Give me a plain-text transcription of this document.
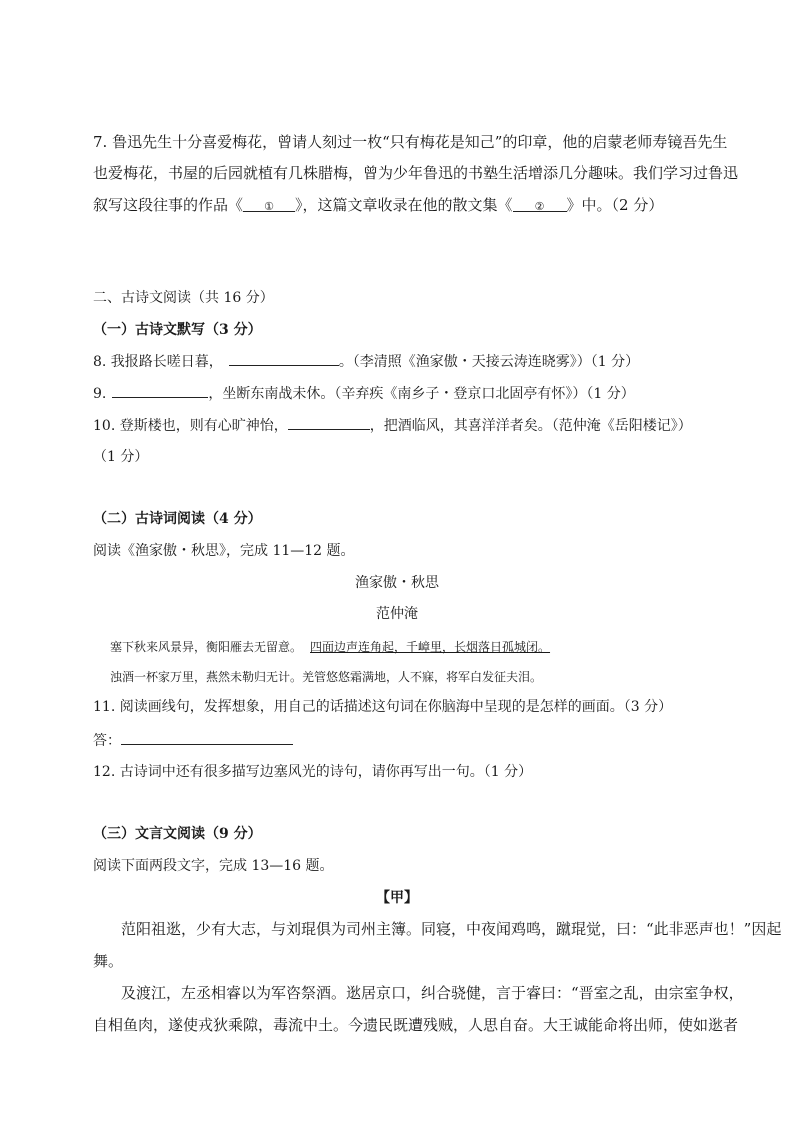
7. 鲁迅先生十分喜爱梅花，曾请人刻过一枚“只有梅花是知己”的印章，他的启蒙老师寿镜吾先生
也爱梅花，书屋的后园就植有几株腊梅，曾为少年鲁迅的书塾生活增添几分趣味。我们学习过鲁迅
叙写这段往事的作品《 ① 》，这篇文章收录在他的散文集《 ② 》中。（2 分）
二、古诗文阅读（共 16 分）
（一）古诗文默写（3 分）
8. 我报路长嗟日暮，	。（李清照《渔家傲・天接云涛连晓雾》）（1 分）
9.	，坐断东南战未休。（辛弃疾《南乡子・登京口北固亭有怀》）（1 分）
10. 登斯楼也，则有心旷神怡，	，把酒临风，其喜洋洋者矣。（范仲淹《岳阳楼记》）
（1 分）
（二）古诗词阅读（4 分）
阅读《渔家傲・秋思》，完成 11—12 题。
渔家傲・秋思
范仲淹
塞下秋来风景异，衡阳雁去无留意。 四面边声连角起，千嶂里，长烟落日孤城闭。
浊酒一杯家万里，燕然未勒归无计。羌管悠悠霜满地，人不寐，将军白发征夫泪。
11. 阅读画线句，发挥想象，用自己的话描述这句词在你脑海中呈现的是怎样的画面。（3 分）
答：
12. 古诗词中还有很多描写边塞风光的诗句，请你再写出一句。（1 分）
（三）文言文阅读（9 分）
阅读下面两段文字，完成 13—16 题。
【甲】
范阳祖逖，少有大志，与刘琨俱为司州主簿。同寝，中夜闻鸡鸣，蹴琨觉，曰：“此非恶声也！”因起
舞。
及渡江，左丞相睿以为军咨祭酒。逖居京口，纠合骁健，言于睿曰：“晋室之乱，由宗室争权，
自相鱼肉，遂使戎狄乘隙，毒流中土。今遗民既遭残贼，人思自奋。大王诚能命将出师，使如逖者
